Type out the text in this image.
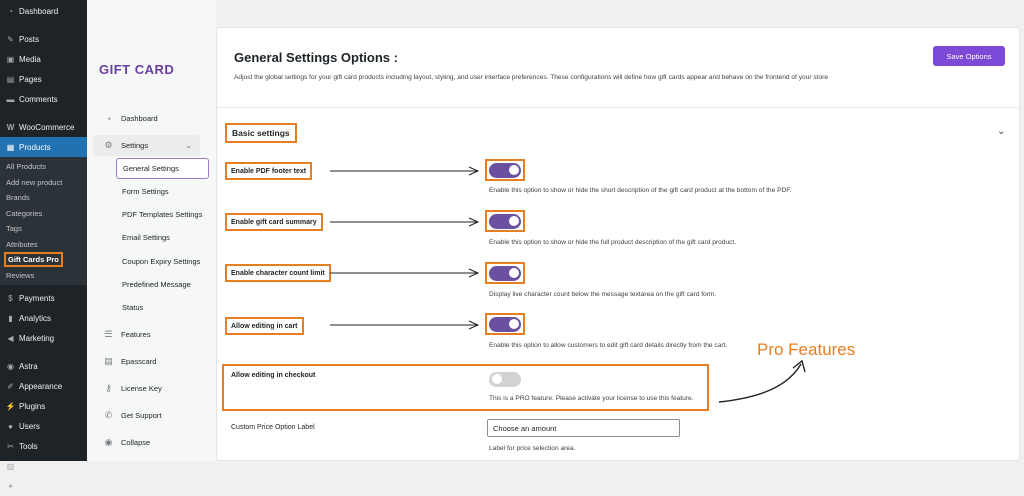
◔ Dashboard
✎ Posts
▣ Media
▤ Pages
▬ Comments
W WooCommerce
▦ Products
All Products
Add new product
Brands
Categories
Tags
Attributes
Gift Cards Pro
Reviews
$ Payments
▮ Analytics
◀ Marketing
◉ Astra
✐ Appearance
⚡ Plugins
● Users
✂ Tools
▥ Settings
✦ Epasscard
GIFT CARD
◔ Dashboard
⚙ Settings	⌄
General Settings
Form Settings
PDF Templates Settings
Email Settings
Coupon Expiry Settings
Predefined Message
Status
☰ Features
▤ Epasscard
⚷ License Key
✆ Get Support
◉ Collapse
General Settings Options :

Adjust the global settings for your gift card products including layout, styling, and user interface preferences. These configurations will define how gift cards appear and behave on the frontend of your store

Save Options
Basic settings	⌄
Enable PDF footer text
Enable this option to show or hide the short description of the gift card product at the bottom of the PDF.
Enable gift card summary
Enable this option to show or hide the full product description of the gift card product.
Enable character count limit
Display live character count below the message textarea on the gift card form.
Allow editing in cart
Enable this option to allow customers to edit gift card details directly from the cart.
Allow editing in checkout
This is a PRO feature. Please activate your license to use this feature.
Pro Features
Custom Price Option Label
Choose an amount
Label for price selection area.
